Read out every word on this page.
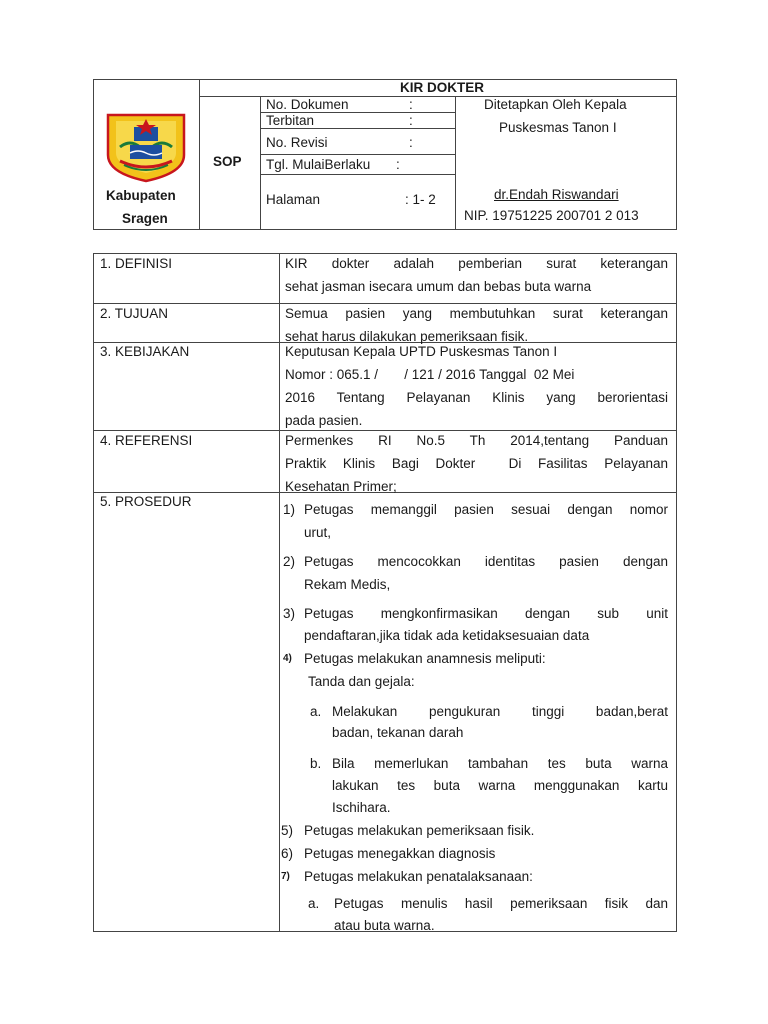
Kabupaten
Sragen
KIR DOKTER
SOP
No. Dokumen	:
Terbitan	:
No. Revisi	:
Tgl. MulaiBerlaku :
Halaman	: 1- 2
Ditetapkan Oleh Kepala
Puskesmas Tanon I
dr.Endah Riswandari
NIP. 19751225 200701 2 013
1. DEFINISI	KIR dokter adalah pemberian surat keterangan
sehat jasman isecara umum dan bebas buta warna
2. TUJUAN	Semua pasien yang membutuhkan surat keterangan
sehat harus dilakukan pemeriksaan fisik.
3. KEBIJAKAN	Keputusan Kepala UPTD Puskesmas Tanon I
Nomor : 065.1 /       / 121 / 2016 Tanggal  02 Mei
2016 Tentang Pelayanan Klinis yang berorientasi
pada pasien.
4. REFERENSI	Permenkes RI No.5 Th 2014,tentang Panduan
Praktik Klinis Bagi Dokter  Di Fasilitas Pelayanan
Kesehatan Primer;
5. PROSEDUR
1) Petugas memanggil pasien sesuai dengan nomor
urut,
2) Petugas mencocokkan identitas pasien dengan
Rekam Medis,
3) Petugas mengkonfirmasikan dengan sub unit
pendaftaran,jika tidak ada ketidaksesuaian data
4) Petugas melakukan anamnesis meliputi:
Tanda dan gejala:
a. Melakukan pengukuran tinggi badan,berat
badan, tekanan darah
b. Bila memerlukan tambahan tes buta warna
lakukan tes buta warna menggunakan kartu
Ischihara.
5) Petugas melakukan pemeriksaan fisik.
6) Petugas menegakkan diagnosis
7) Petugas melakukan penatalaksanaan:
a. Petugas menulis hasil pemeriksaan fisik dan
atau buta warna.
